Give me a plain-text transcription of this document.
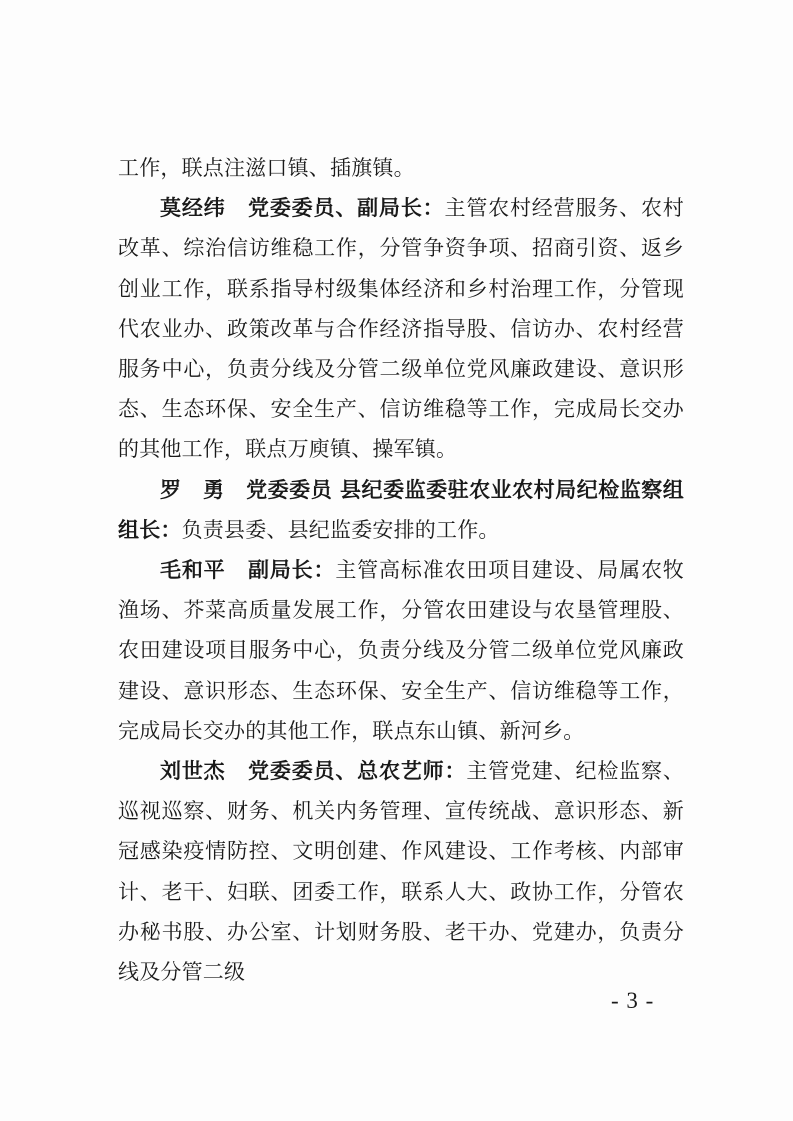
工作，联点注滋口镇、插旗镇。

莫经纬 党委委员、副局长：主管农村经营服务、农村改革、综治信访维稳工作，分管争资争项、招商引资、返乡创业工作，联系指导村级集体经济和乡村治理工作，分管现代农业办、政策改革与合作经济指导股、信访办、农村经营服务中心，负责分线及分管二级单位党风廉政建设、意识形态、生态环保、安全生产、信访维稳等工作，完成局长交办的其他工作，联点万庾镇、操军镇。

罗　勇 党委委员 县纪委监委驻农业农村局纪检监察组组长：负责县委、县纪监委安排的工作。

毛和平 副局长：主管高标准农田项目建设、局属农牧渔场、芥菜高质量发展工作，分管农田建设与农垦管理股、农田建设项目服务中心，负责分线及分管二级单位党风廉政建设、意识形态、生态环保、安全生产、信访维稳等工作，完成局长交办的其他工作，联点东山镇、新河乡。

刘世杰 党委委员、总农艺师：主管党建、纪检监察、巡视巡察、财务、机关内务管理、宣传统战、意识形态、新冠感染疫情防控、文明创建、作风建设、工作考核、内部审计、老干、妇联、团委工作，联系人大、政协工作，分管农办秘书股、办公室、计划财务股、老干办、党建办，负责分线及分管二级

- 3 -
